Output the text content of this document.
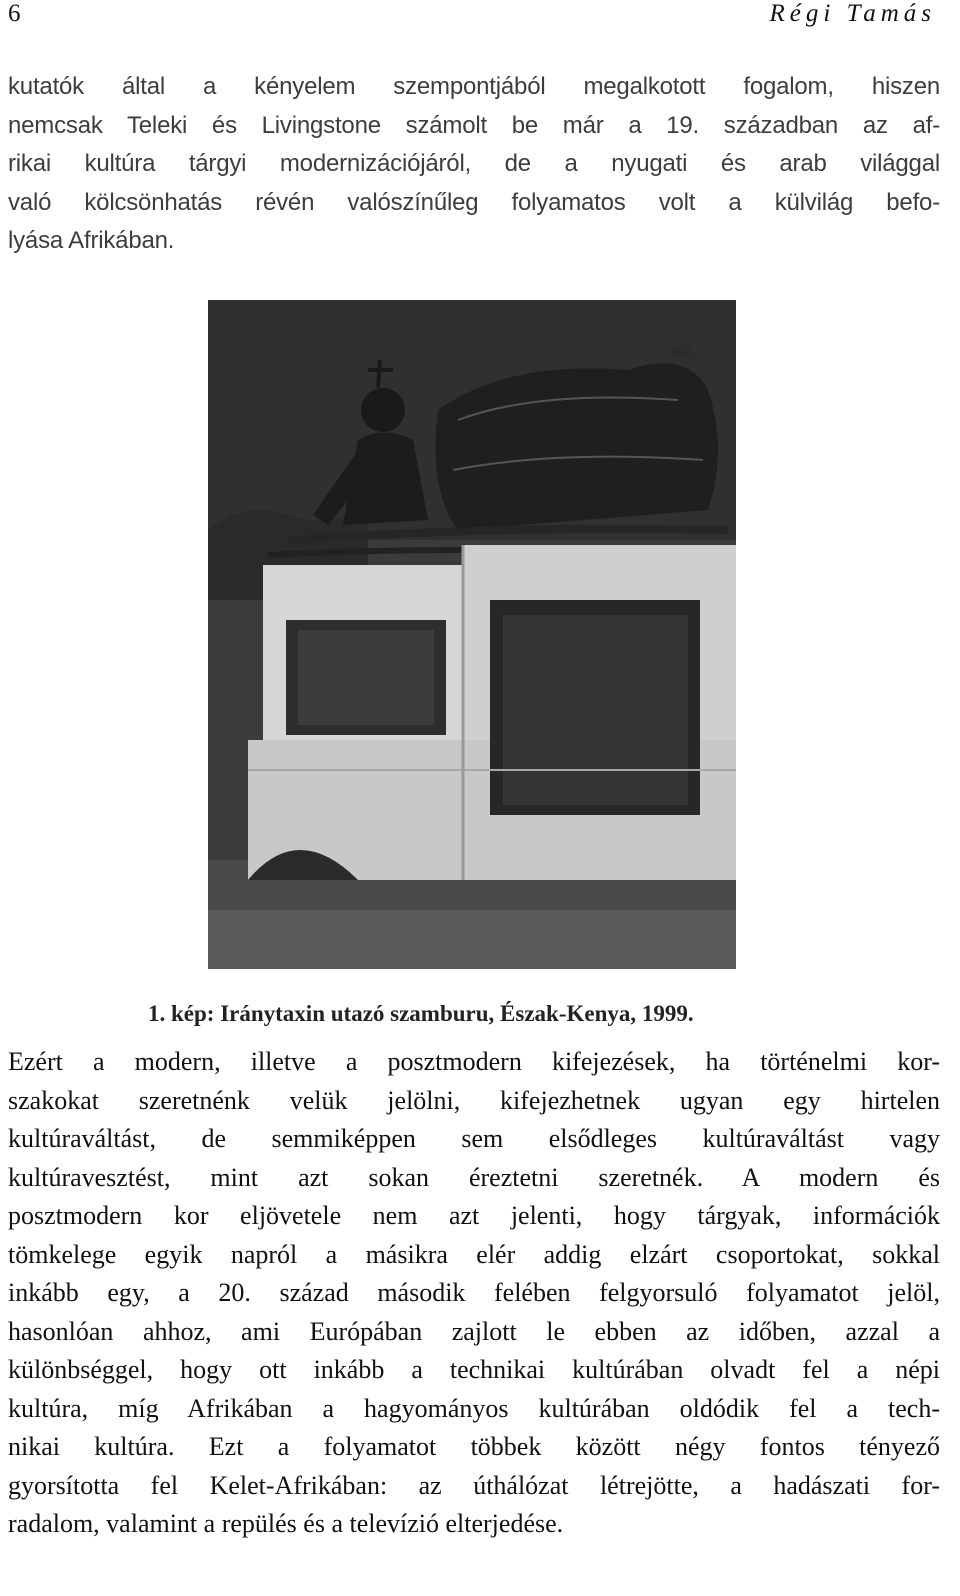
6	Régi Tamás
kutatók által a kényelem szempontjából megalkotott fogalom, hiszen
nemcsak Teleki és Livingstone számolt be már a 19. században az af-
rikai kultúra tárgyi modernizációjáról, de a nyugati és arab világgal
való kölcsönhatás révén valószínűleg folyamatos volt a külvilág befo-
lyása Afrikában.
1. kép: Iránytaxin utazó szamburu, Észak-Kenya, 1999.
Ezért a modern, illetve a posztmodern kifejezések, ha történelmi kor-
szakokat szeretnénk velük jelölni, kifejezhetnek ugyan egy hirtelen
kultúraváltást, de semmiképpen sem elsődleges kultúraváltást vagy
kultúravesztést, mint azt sokan éreztetni szeretnék. A modern és
posztmodern kor eljövetele nem azt jelenti, hogy tárgyak, információk
tömkelege egyik napról a másikra elér addig elzárt csoportokat, sokkal
inkább egy, a 20. század második felében felgyorsuló folyamatot jelöl,
hasonlóan ahhoz, ami Európában zajlott le ebben az időben, azzal a
különbséggel, hogy ott inkább a technikai kultúrában olvadt fel a népi
kultúra, míg Afrikában a hagyományos kultúrában oldódik fel a tech-
nikai kultúra. Ezt a folyamatot többek között négy fontos tényező
gyorsította fel Kelet-Afrikában: az úthálózat létrejötte, a hadászati for-
radalom, valamint a repülés és a televízió elterjedése.
